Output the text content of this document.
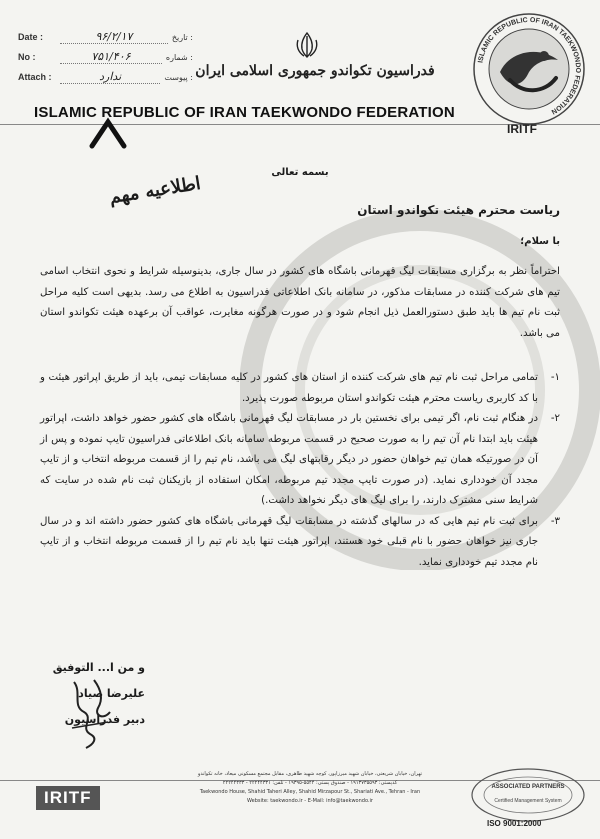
Date :	۹۶/۲/۱۷	تاریخ :
No :	۷۵۱/۴۰۶	شماره :
Attach :	ندارد	پیوست : فدراسیون تکواندو جمهوری اسلامی ایران
ISLAMIC REPUBLIC OF IRAN TAEKWONDO FEDERATION
ISLAMIC REPUBLIC OF IRAN TAEKWONDO FEDERATION
IRITF
بسمه تعالی
اطلاعیه مهم
ریاست محترم هیئت تکواندو استان
با سلام؛
احتراماً نظر به برگزاری مسابقات لیگ قهرمانی باشگاه های کشور در سال جاری، بدینوسیله شرایط و نحوی انتخاب اسامی تیم های شرکت کننده در مسابقات مذکور، در سامانه بانک اطلاعاتی فدراسیون به اطلاع می رسد. بدیهی است کلیه مراحل ثبت نام تیم ها باید طبق دستورالعمل ذیل انجام شود و در صورت هرگونه مغایرت، عواقب آن برعهده هیئت تکواندو استان می باشد.
۱-
تمامی مراحل ثبت نام تیم های شرکت کننده از استان های کشور در کلیه مسابقات تیمی، باید از طریق اپراتور هیئت و با کد کاربری ریاست محترم هیئت تکواندو استان مربوطه صورت پذیرد.
۲-
در هنگام ثبت نام، اگر تیمی برای نخستین بار در مسابقات لیگ قهرمانی باشگاه های کشور حضور خواهد داشت، اپراتور هیئت باید ابتدا نام آن تیم را به صورت صحیح در قسمت مربوطه سامانه بانک اطلاعاتی فدراسیون تایپ نموده و پس از آن در صورتیکه همان تیم خواهان حضور در دیگر رقابتهای لیگ می باشد، نام تیم را از قسمت مربوطه انتخاب و از تایپ مجدد آن خودداری نماید. (در صورت تایپ مجدد تیم مربوطه، امکان استفاده از بازیکنان ثبت نام شده در سایت که شرایط سنی مشترک دارند، را برای لیگ های دیگر نخواهد داشت.)
۳-
برای ثبت نام تیم هایی که در سالهای گذشته در مسابقات لیگ قهرمانی باشگاه های کشور حضور داشته اند و در سال جاری نیز خواهان حضور با نام قبلی خود هستند، اپراتور هیئت تنها باید نام تیم را از قسمت مربوطه انتخاب و از تایپ نام مجدد تیم خودداری نماید.
و من ا... التوفیق
علیرضا صیاد
دبیر فدراسیون
IRITF
تهران، خیابان شریعتی، خیابان شهید میرزاپور، کوچه شهید طاهری، مقابل مجتمع مسکونی میعاد، خانه تکواندو
کدپستی: ۱۹۱۳۷۳۵۵۹۳ - صندوق پستی: ۵۵۴۴-۱۹۳۹۵ - تلفن: ۲۲۲۴۴۳۳۱ - ۲۲۲۴۴۳۳۳
Taekwondo House, Shahid Taheri Alley, Shahid Mirzapour St., Shariati Ave., Tehran - Iran
Website: taekwondo.ir - E-Mail: info@taekwondo.ir
ASSOCIATED PARTNERS
Certified Management System
ISO 9001:2000
